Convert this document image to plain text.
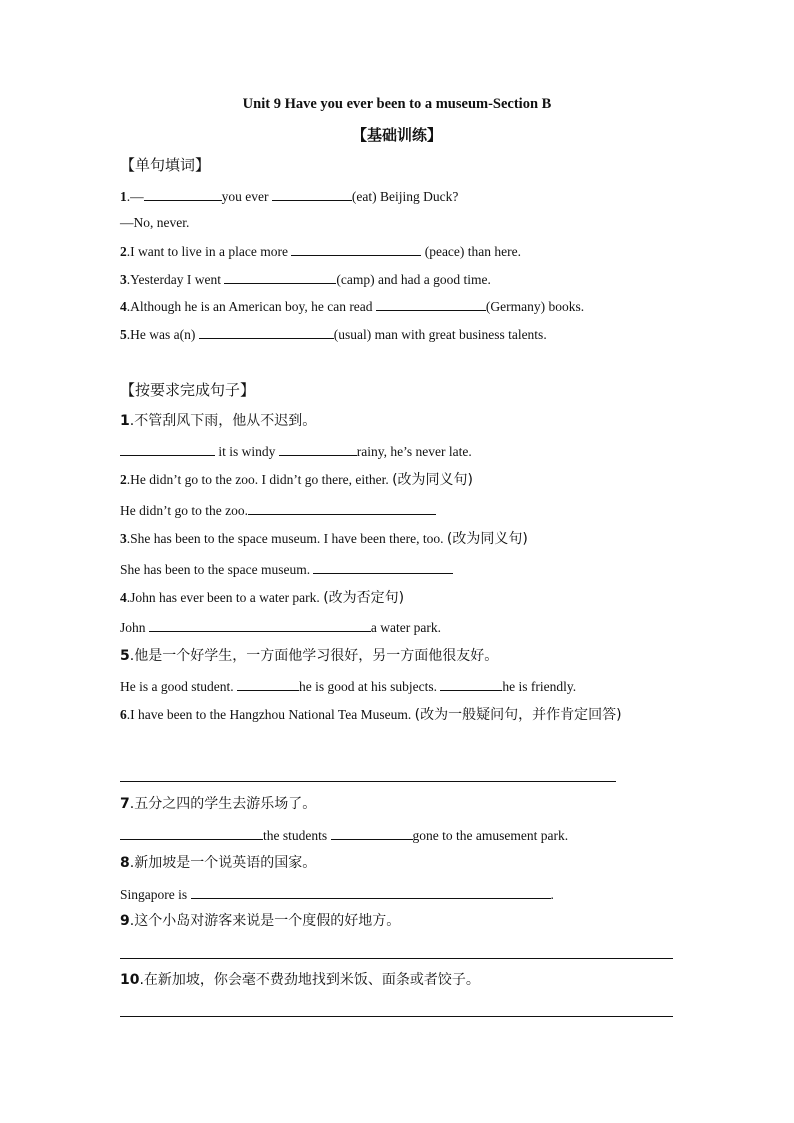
Unit 9 Have you ever been to a museum-Section B
【基础训练】
【单句填词】
1.—	you ever	(eat) Beijing Duck?
—No, never.
2.I want to live in a place more	(peace) than here.
3.Yesterday I went	(camp) and had a good time.
4.Although he is an American boy, he can read	(Germany) books.
5.He was a(n)	(usual) man with great business talents.
【按要求完成句子】
1.不管刮风下雨，他从不迟到。
it is windy	rainy, he’s never late.
2.He didn’t go to the zoo. I didn’t go there, either. (改为同义句)
He didn’t go to the zoo.
3.She has been to the space museum. I have been there, too. (改为同义句)
She has been to the space museum.
4.John has ever been to a water park. (改为否定句)
John	a water park.
5.他是一个好学生，一方面他学习很好，另一方面他很友好。
He is a good student.	he is good at his subjects.	he is friendly.
6.I have been to the Hangzhou National Tea Museum. (改为一般疑问句，并作肯定回答)
7.五分之四的学生去游乐场了。
the students	gone to the amusement park.
8.新加坡是一个说英语的国家。
Singapore is	.
9.这个小岛对游客来说是一个度假的好地方。
10.在新加坡，你会毫不费劲地找到米饭、面条或者饺子。
